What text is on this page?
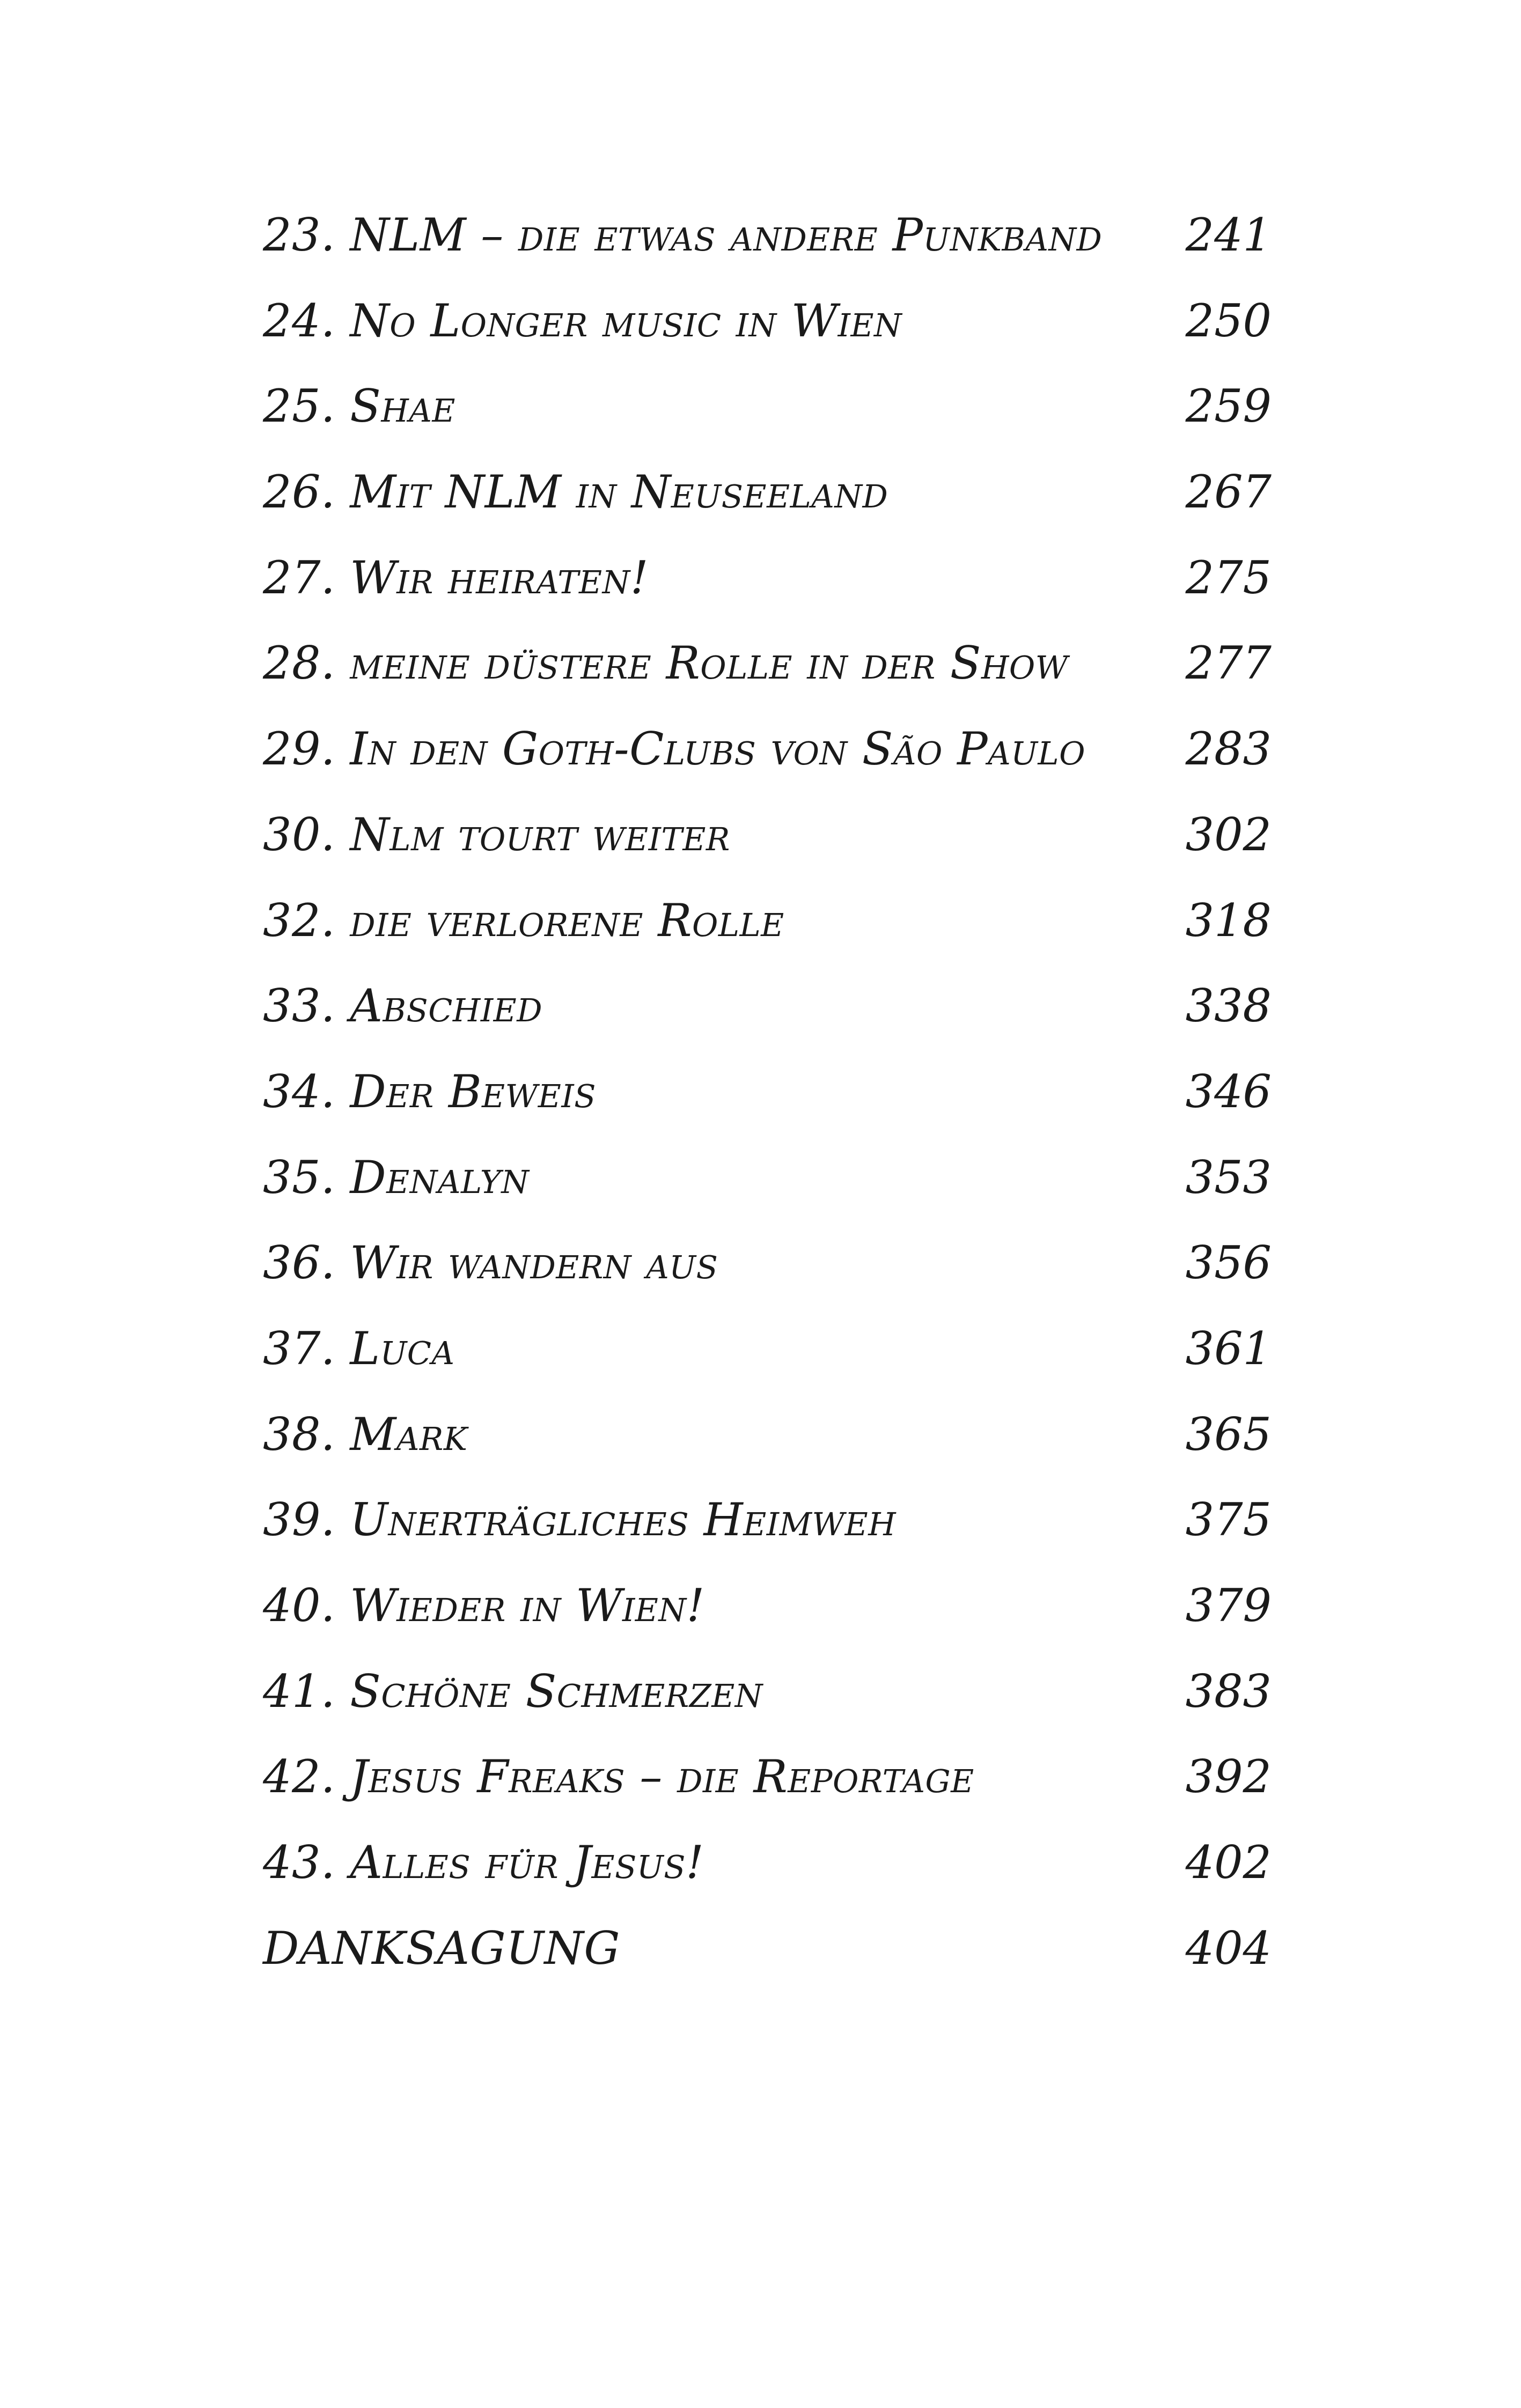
23. NLM – die etwas andere Punkband 241
24. No Longer music in Wien	250
25. Shae	259
26. Mit NLM in Neuseeland	267
27. Wir heiraten!	275
28. meine düstere Rolle in der Show	277
29. In den Goth-Clubs von São Paulo 283
30. Nlm tourt weiter	302
32. die verlorene Rolle	318
33. Abschied	338
34. Der Beweis	346
35. Denalyn	353
36. Wir wandern aus	356
37. Luca	361
38. Mark	365
39. Unerträgliches Heimweh	375
40. Wieder in Wien!	379
41. Schöne Schmerzen	383
42. Jesus Freaks – die Reportage	392
43. Alles für Jesus!	402
DANKSAGUNG	404
